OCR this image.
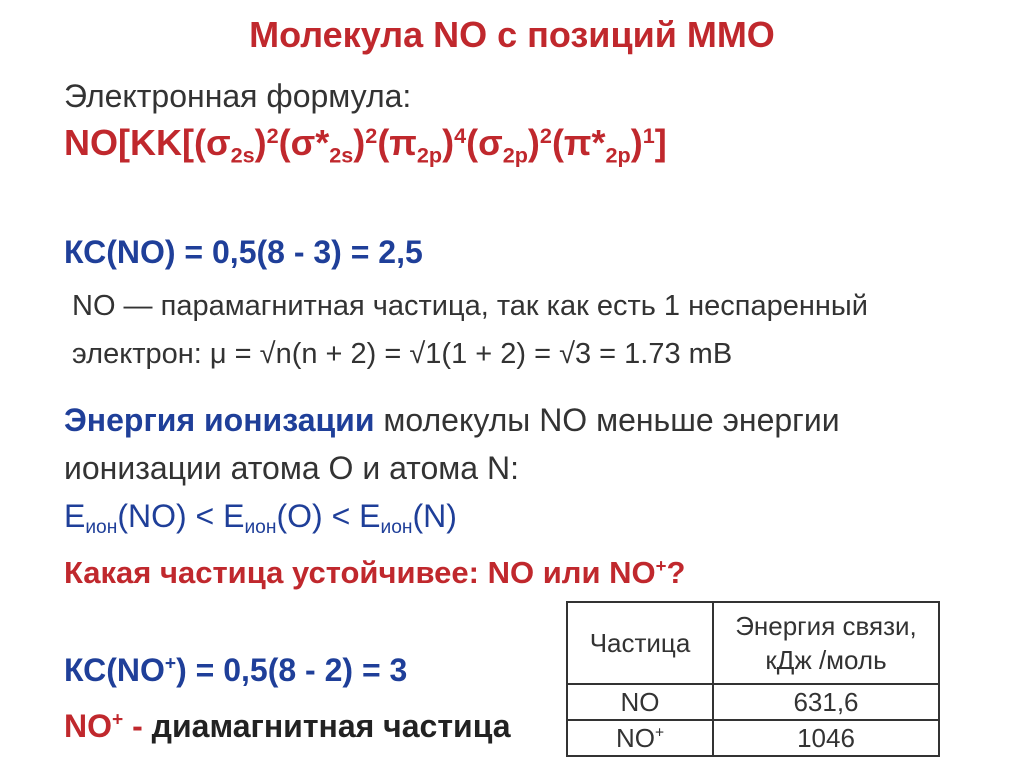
Молекула NO с позиций ММО
Электронная формула:
$NO[KK[(\sigma_{2s})^2(\sigma*_{2s})^2(\pi_{2p})^4(\sigma_{2p})^2(\pi*_{2p})^1]$
КС(NO) = 0,5(8 - 3) = 2,5
NO — парамагнитная частица, так как есть 1 неспаренный
электрон: μ = √n(n + 2) = √1(1 + 2) = √3 = 1.73 mB
Энергия ионизации молекулы NO меньше энергии
ионизации атома O и атома N:
$E_{ион}(NO) < E_{ион}(O) < E_{ион}(N)$
Какая частица устойчивее: NO или NO+?
КС(NO+) = 0,5(8 - 2) = 3
NO+ - диамагнитная частица
Частица	Энергия связи,
кДж /моль
NO	631,6
NO+	1046
